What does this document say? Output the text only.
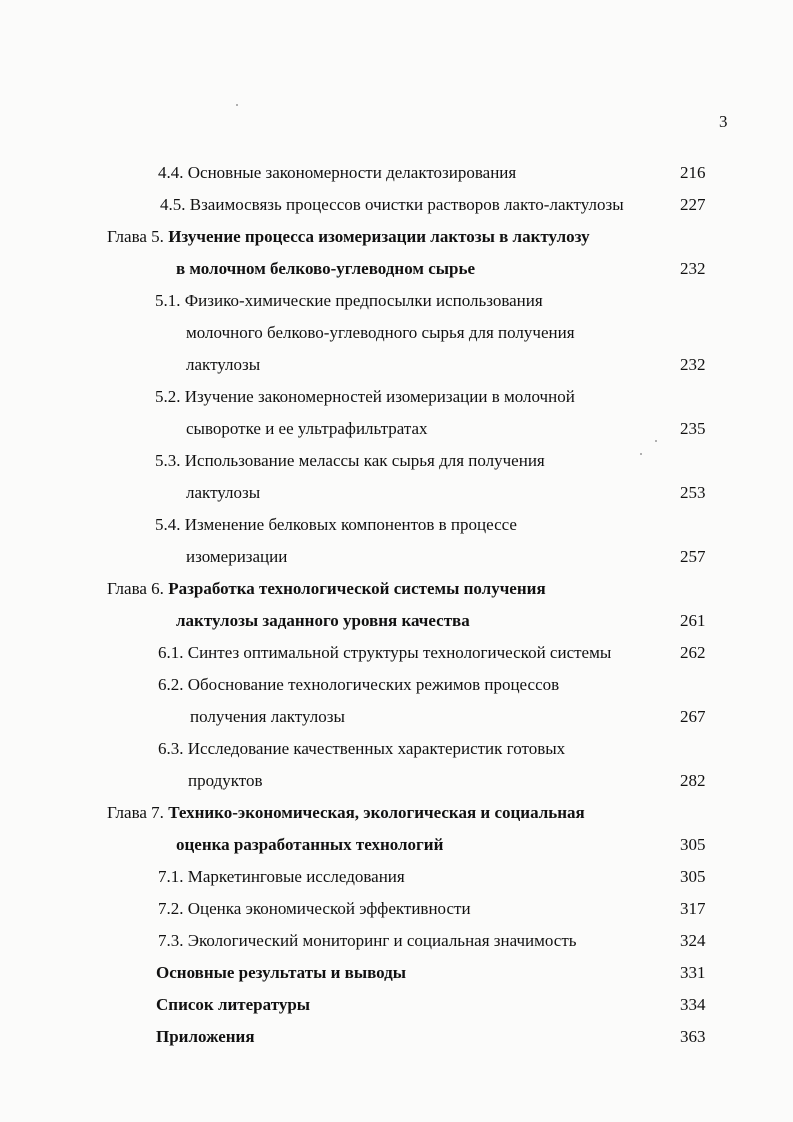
3
4.4. Основные закономерности делактозирования	216
4.5. Взаимосвязь процессов очистки растворов лакто-лактулозы	227
Глава 5. Изучение процесса изомеризации лактозы в лактулозу
в молочном белково-углеводном сырье	232
5.1. Физико-химические предпосылки использования
молочного белково-углеводного сырья для получения
лактулозы	232
5.2. Изучение закономерностей изомеризации в молочной
сыворотке и ее ультрафильтратах	235
5.3. Использование мелассы как сырья для получения
лактулозы	253
5.4. Изменение белковых компонентов в процессе
изомеризации	257
Глава 6. Разработка технологической системы получения
лактулозы заданного уровня качества	261
6.1. Синтез оптимальной структуры технологической системы	262
6.2. Обоснование технологических режимов процессов
получения лактулозы	267
6.3. Исследование качественных характеристик готовых
продуктов	282
Глава 7. Технико-экономическая, экологическая и социальная
оценка разработанных технологий	305
7.1. Маркетинговые исследования	305
7.2. Оценка экономической эффективности	317
7.3. Экологический мониторинг и социальная значимость	324
Основные результаты и выводы	331
Список литературы	334
Приложения	363
